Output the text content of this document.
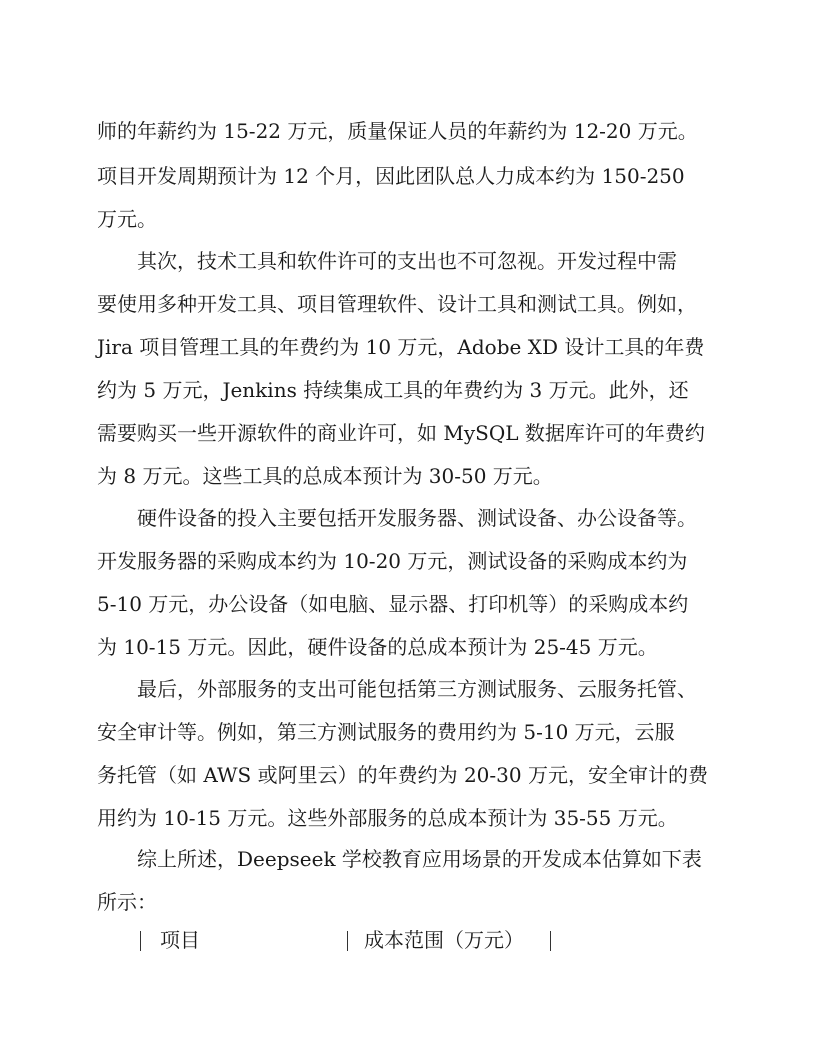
师的年薪约为 15-22 万元，质量保证人员的年薪约为 12-20 万元。
项目开发周期预计为 12 个月，因此团队总人力成本约为 150-250
万元。
其次，技术工具和软件许可的支出也不可忽视。开发过程中需
要使用多种开发工具、项目管理软件、设计工具和测试工具。例如，
Jira 项目管理工具的年费约为 10 万元，Adobe XD 设计工具的年费
约为 5 万元，Jenkins 持续集成工具的年费约为 3 万元。此外，还
需要购买一些开源软件的商业许可，如 MySQL 数据库许可的年费约
为 8 万元。这些工具的总成本预计为 30-50 万元。
硬件设备的投入主要包括开发服务器、测试设备、办公设备等。
开发服务器的采购成本约为 10-20 万元，测试设备的采购成本约为
5-10 万元，办公设备（如电脑、显示器、打印机等）的采购成本约
为 10-15 万元。因此，硬件设备的总成本预计为 25-45 万元。
最后，外部服务的支出可能包括第三方测试服务、云服务托管、
安全审计等。例如，第三方测试服务的费用约为 5-10 万元，云服
务托管（如 AWS 或阿里云）的年费约为 20-30 万元，安全审计的费
用约为 10-15 万元。这些外部服务的总成本预计为 35-55 万元。
综上所述，Deepseek 学校教育应用场景的开发成本估算如下表
所示：
项目	成本范围（万元）
